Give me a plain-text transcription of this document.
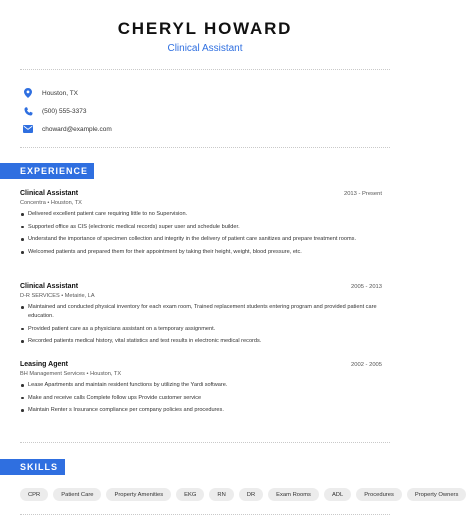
CHERYL HOWARD
Clinical Assistant
Houston, TX
(500) 555-3373
choward@example.com
EXPERIENCE
Clinical Assistant	2013 - Present
Concentra • Houston, TX
Delivered excellent patient care requiring little to no Supervision.
Supported office as CIS (electronic medical records) super user and schedule builder.
Understand the importance of specimen collection and integrity in the delivery of patient care sanitizes and prepare treatment rooms.
Welcomed patients and prepared them for their appointment by taking their height, weight, blood pressure, etc.
Clinical Assistant	2005 - 2013
D-R SERVICES • Metairie, LA
Maintained and conducted physical inventory for each exam room, Trained replacement students entering program and provided patient care education.
Provided patient care as a physicians assistant on a temporary assignment.
Recorded patients medical history, vital statistics and test results in electronic medical records.
Leasing Agent	2002 - 2005
BH Management Services • Houston, TX
Lease Apartments and maintain resident functions by utilizing the Yardi software.
Make and receive calls Complete follow ups Provide customer service
Maintain Renter s Insurance compliance per company policies and procedures.
SKILLS
CPR	Patient Care	Property Amenities	EKG	RN	DR	Exam Rooms	ADL	Procedures	Property Owners
